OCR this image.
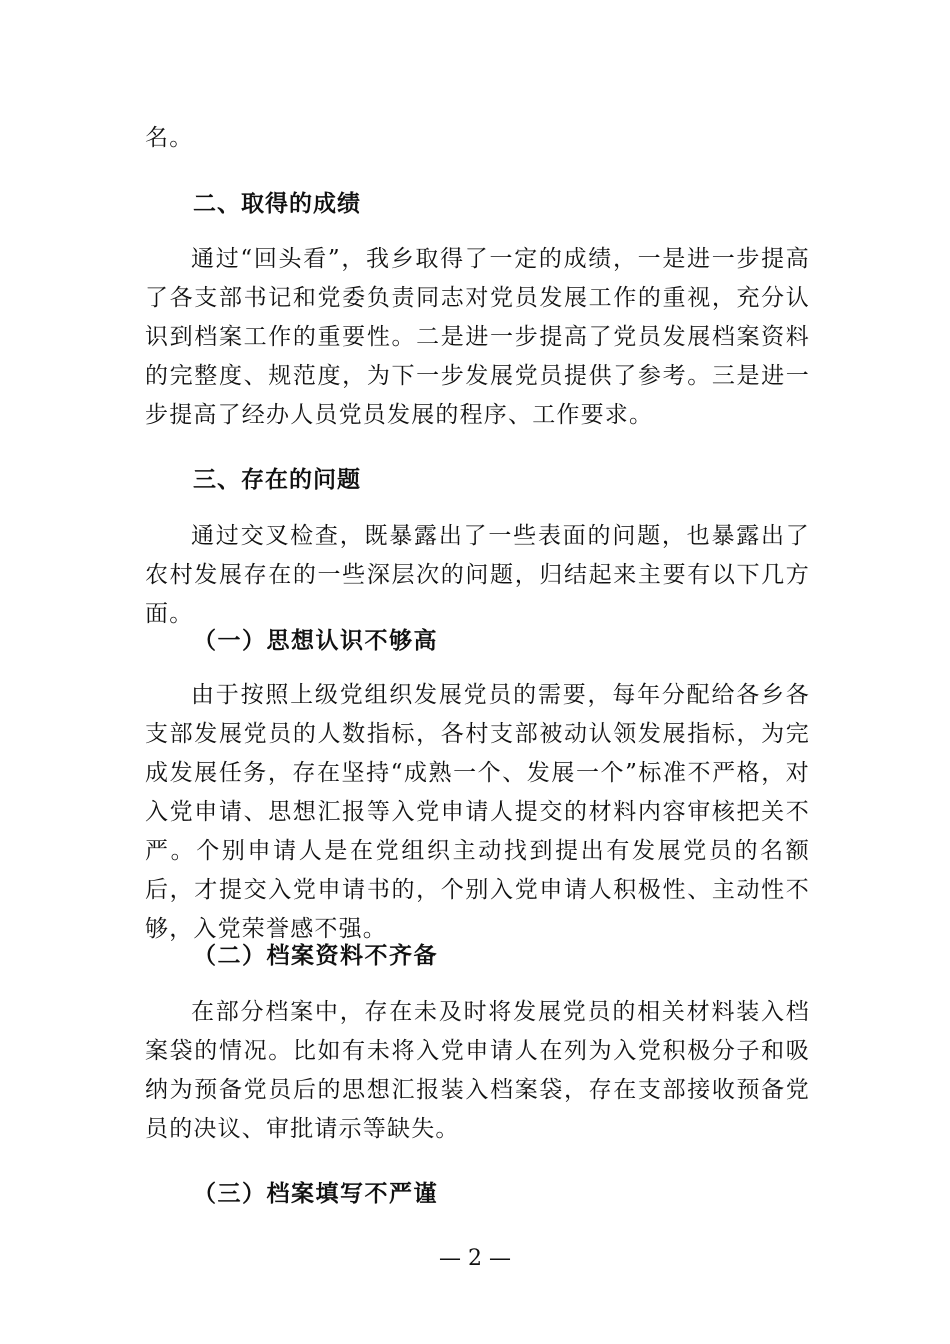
名。

二、取得的成绩

通过“回头看”，我乡取得了一定的成绩，一是进一步提高了各支部书记和党委负责同志对党员发展工作的重视，充分认识到档案工作的重要性。二是进一步提高了党员发展档案资料的完整度、规范度，为下一步发展党员提供了参考。三是进一步提高了经办人员党员发展的程序、工作要求。

三、存在的问题

通过交叉检查，既暴露出了一些表面的问题，也暴露出了农村发展存在的一些深层次的问题，归结起来主要有以下几方面。

（一）思想认识不够高

由于按照上级党组织发展党员的需要，每年分配给各乡各支部发展党员的人数指标，各村支部被动认领发展指标，为完成发展任务，存在坚持“成熟一个、发展一个”标准不严格，对入党申请、思想汇报等入党申请人提交的材料内容审核把关不严。个别申请人是在党组织主动找到提出有发展党员的名额后，才提交入党申请书的，个别入党申请人积极性、主动性不够，入党荣誉感不强。

（二）档案资料不齐备

在部分档案中，存在未及时将发展党员的相关材料装入档案袋的情况。比如有未将入党申请人在列为入党积极分子和吸纳为预备党员后的思想汇报装入档案袋，存在支部接收预备党员的决议、审批请示等缺失。

（三）档案填写不严谨
— 2 —
